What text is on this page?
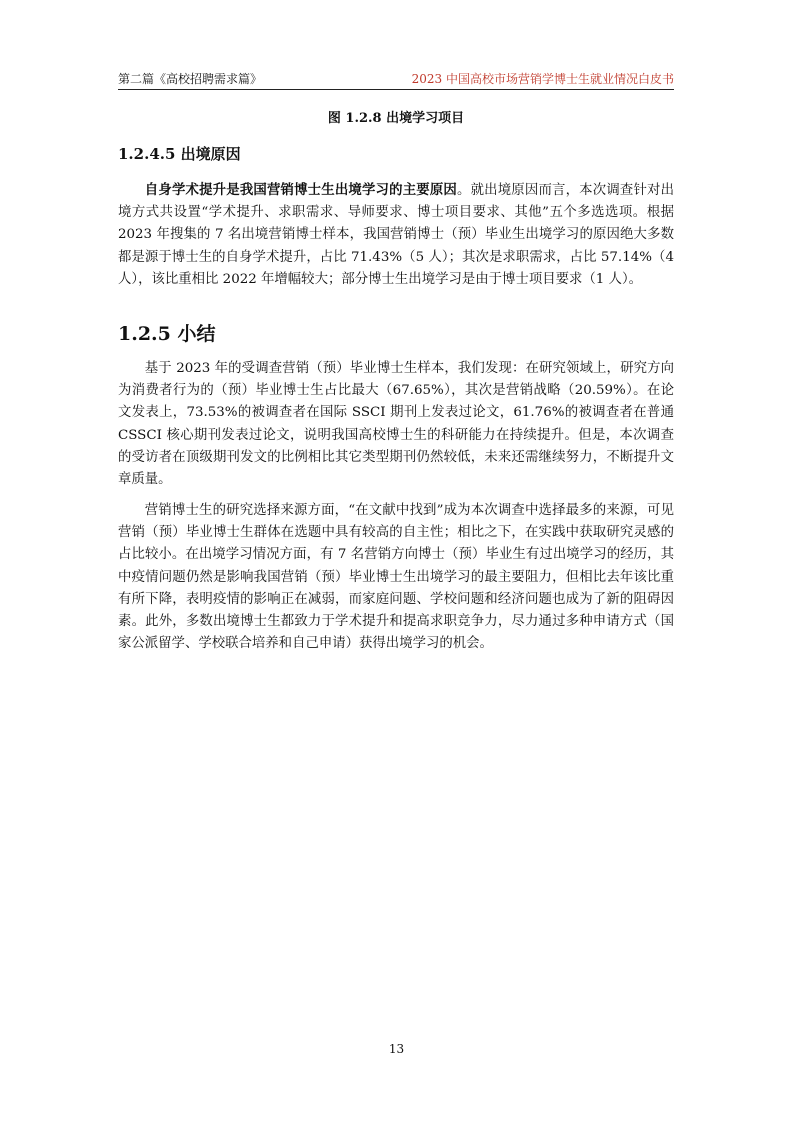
第二篇《高校招聘需求篇》	2023 中国高校市场营销学博士生就业情况白皮书
图 1.2.8 出境学习项目
1.2.4.5 出境原因

自身学术提升是我国营销博士生出境学习的主要原因。就出境原因而言，本次调查针对出境方式共设置“学术提升、求职需求、导师要求、博士项目要求、其他”五个多选选项。根据 2023 年搜集的 7 名出境营销博士样本，我国营销博士（预）毕业生出境学习的原因绝大多数都是源于博士生的自身学术提升，占比 71.43%（5 人）；其次是求职需求，占比 57.14%（4 人），该比重相比 2022 年增幅较大；部分博士生出境学习是由于博士项目要求（1 人）。

1.2.5 小结

基于 2023 年的受调查营销（预）毕业博士生样本，我们发现：在研究领域上，研究方向为消费者行为的（预）毕业博士生占比最大（67.65%），其次是营销战略（20.59%）。在论文发表上，73.53%的被调查者在国际 SSCI 期刊上发表过论文，61.76%的被调查者在普通 CSSCI 核心期刊发表过论文，说明我国高校博士生的科研能力在持续提升。但是，本次调查的受访者在顶级期刊发文的比例相比其它类型期刊仍然较低，未来还需继续努力，不断提升文章质量。

营销博士生的研究选择来源方面，“在文献中找到”成为本次调查中选择最多的来源，可见营销（预）毕业博士生群体在选题中具有较高的自主性；相比之下，在实践中获取研究灵感的占比较小。在出境学习情况方面，有 7 名营销方向博士（预）毕业生有过出境学习的经历，其中疫情问题仍然是影响我国营销（预）毕业博士生出境学习的最主要阻力，但相比去年该比重有所下降，表明疫情的影响正在减弱，而家庭问题、学校问题和经济问题也成为了新的阻碍因素。此外，多数出境博士生都致力于学术提升和提高求职竞争力，尽力通过多种申请方式（国家公派留学、学校联合培养和自己申请）获得出境学习的机会。

13
